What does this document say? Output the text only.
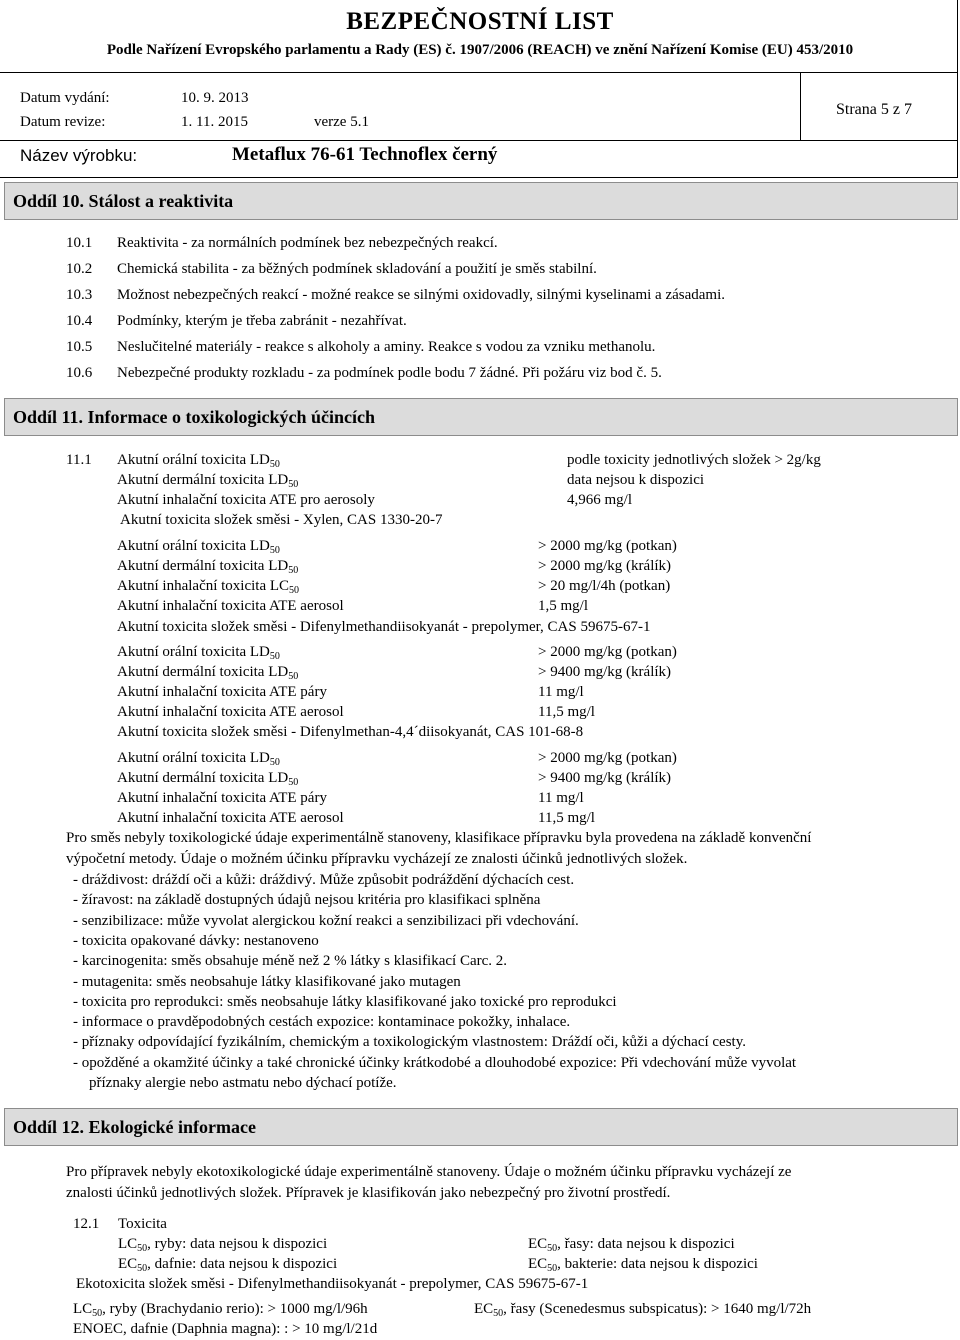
BEZPEČNOSTNÍ LIST
Podle Nařízení Evropského parlamentu a Rady (ES) č. 1907/2006 (REACH) ve znění Nařízení Komise (EU) 453/2010
Datum vydání:	10. 9. 2013
Datum revize:	1. 11. 2015	verze 5.1
Strana 5 z 7
Název výrobku:	Metaflux 76-61 Technoflex černý
Oddíl 10. Stálost a reaktivita
10.1 Reaktivita - za normálních podmínek bez nebezpečných reakcí.
10.2 Chemická stabilita - za běžných podmínek skladování a použití je směs stabilní.
10.3 Možnost nebezpečných reakcí - možné reakce se silnými oxidovadly, silnými kyselinami a zásadami.
10.4 Podmínky, kterým je třeba zabránit - nezahřívat.
10.5 Neslučitelné materiály - reakce s alkoholy a aminy. Reakce s vodou za vzniku methanolu.
10.6 Nebezpečné produkty rozkladu - za podmínek podle bodu 7 žádné. Při požáru viz bod č. 5.
Oddíl 11. Informace o toxikologických účincích
11.1 Akutní orální toxicita $LD_{50}$	podle toxicity jednotlivých složek > 2g/kg
Akutní dermální toxicita $LD_{50}$	data nejsou k dispozici
Akutní inhalační toxicita ATE pro aerosoly	4,966 mg/l
Akutní toxicita složek směsi - Xylen, CAS 1330-20-7
Akutní orální toxicita $LD_{50}$	> 2000 mg/kg (potkan)
Akutní dermální toxicita $LD_{50}$	> 2000 mg/kg (králík)
Akutní inhalační toxicita $LC_{50}$	> 20 mg/l/4h (potkan)
Akutní inhalační toxicita ATE aerosol	1,5 mg/l
Akutní toxicita složek směsi - Difenylmethandiisokyanát - prepolymer, CAS 59675-67-1
Akutní orální toxicita $LD_{50}$	> 2000 mg/kg (potkan)
Akutní dermální toxicita $LD_{50}$	> 9400 mg/kg (králík)
Akutní inhalační toxicita ATE páry	11 mg/l
Akutní inhalační toxicita ATE aerosol	11,5 mg/l
Akutní toxicita složek směsi - Difenylmethan-4,4´diisokyanát, CAS 101-68-8
Akutní orální toxicita $LD_{50}$	> 2000 mg/kg (potkan)
Akutní dermální toxicita $LD_{50}$	> 9400 mg/kg (králík)
Akutní inhalační toxicita ATE páry	11 mg/l
Akutní inhalační toxicita ATE aerosol	11,5 mg/l
Pro směs nebyly toxikologické údaje experimentálně stanoveny, klasifikace přípravku byla provedena na základě konvenční
výpočetní metody. Údaje o možném účinku přípravku vycházejí ze znalosti účinků jednotlivých složek.
- dráždivost: dráždí oči a kůži: dráždivý. Může způsobit podráždění dýchacích cest.
- žíravost: na základě dostupných údajů nejsou kritéria pro klasifikaci splněna
- senzibilizace: může vyvolat alergickou kožní reakci a senzibilizaci při vdechování.
- toxicita opakované dávky: nestanoveno
- karcinogenita: směs obsahuje méně než 2 % látky s klasifikací Carc. 2.
- mutagenita: směs neobsahuje látky klasifikované jako mutagen
- toxicita pro reprodukci: směs neobsahuje látky klasifikované jako toxické pro reprodukci
- informace o pravděpodobných cestách expozice: kontaminace pokožky, inhalace.
- příznaky odpovídající fyzikálním, chemickým a toxikologickým vlastnostem: Dráždí oči, kůži a dýchací cesty.
- opožděné a okamžité účinky a také chronické účinky krátkodobé a dlouhodobé expozice: Při vdechování může vyvolat
příznaky alergie nebo astmatu nebo dýchací potíže.
Oddíl 12. Ekologické informace
Pro přípravek nebyly ekotoxikologické údaje experimentálně stanoveny. Údaje o možném účinku přípravku vycházejí ze
znalosti účinků jednotlivých složek. Přípravek je klasifikován jako nebezpečný pro životní prostředí.
12.1 Toxicita
$LC_{50}$, ryby: data nejsou k dispozici	$EC_{50}$, řasy: data nejsou k dispozici
$EC_{50}$, dafnie: data nejsou k dispozici	$EC_{50}$, bakterie: data nejsou k dispozici
Ekotoxicita složek směsi - Difenylmethandiisokyanát - prepolymer, CAS 59675-67-1
$LC_{50}$, ryby (Brachydanio rerio): > 1000 mg/l/96h	$EC_{50}$, řasy (Scenedesmus subspicatus): > 1640 mg/l/72h
ENOEC, dafnie (Daphnia magna): : > 10 mg/l/21d
